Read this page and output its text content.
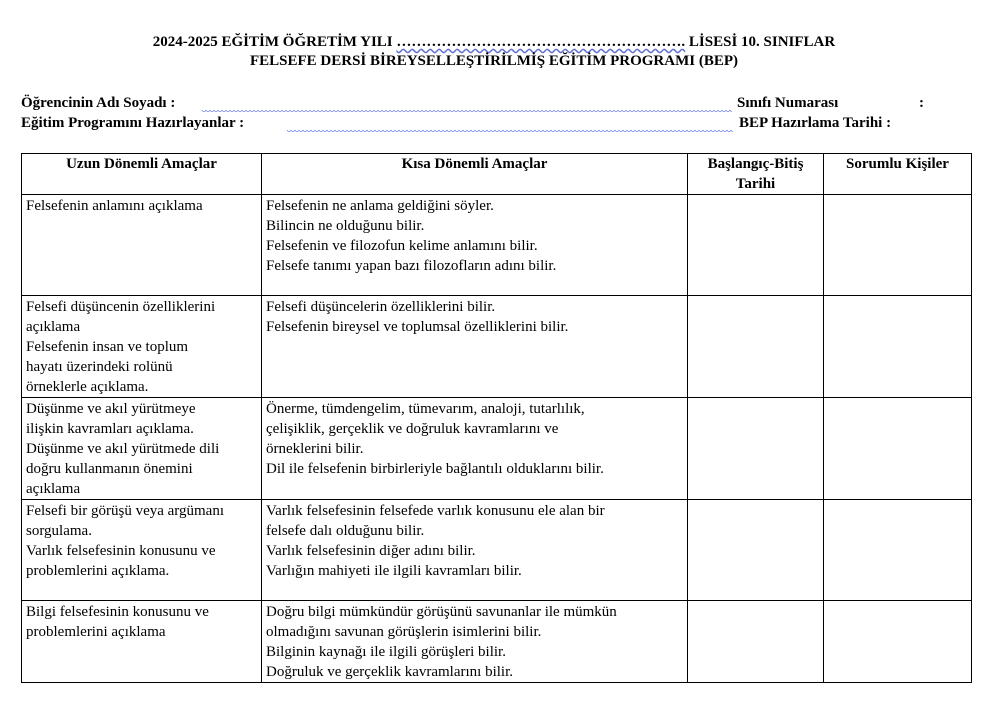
2024-2025 EĞİTİM ÖĞRETİM YILI …………………………………………………. LİSESİ 10. SINIFLAR
FELSEFE DERSİ BİREYSELLEŞTİRİLMİŞ EĞİTİM PROGRAMI (BEP)
Öğrencinin Adı Soyadı :	Sınıfı Numarası	:
Eğitim Programını Hazırlayanlar :	BEP Hazırlama Tarihi :
Uzun Dönemli Amaçlar	Kısa Dönemli Amaçlar	Başlangıç-Bitiş Tarihi	Sorumlu Kişiler

Felsefenin anlamını açıklama	Felsefenin ne anlama geldiğini söyler.
Bilincin ne olduğunu bilir.
Felsefenin ve filozofun kelime anlamını bilir.
Felsefe tanımı yapan bazı filozofların adını bilir.		

Felsefi düşüncenin özelliklerini
açıklama
Felsefenin insan ve toplum
hayatı üzerindeki rolünü
örneklerle açıklama.	Felsefi düşüncelerin özelliklerini bilir.
Felsefenin bireysel ve toplumsal özelliklerini bilir.		

Düşünme ve akıl yürütmeye
ilişkin kavramları açıklama.
Düşünme ve akıl yürütmede dili
doğru kullanmanın önemini
açıklama	Önerme, tümdengelim, tümevarım, analoji, tutarlılık,
çelişiklik, gerçeklik ve doğruluk kavramlarını ve
örneklerini bilir.
Dil ile felsefenin birbirleriyle bağlantılı olduklarını bilir.		

Felsefi bir görüşü veya argümanı
sorgulama.
Varlık felsefesinin konusunu ve
problemlerini açıklama.	Varlık felsefesinin felsefede varlık konusunu ele alan bir
felsefe dalı olduğunu bilir.
Varlık felsefesinin diğer adını bilir.
Varlığın mahiyeti ile ilgili kavramları bilir.		

Bilgi felsefesinin konusunu ve
problemlerini açıklama	Doğru bilgi mümkündür görüşünü savunanlar ile mümkün
olmadığını savunan görüşlerin isimlerini bilir.
Bilginin kaynağı ile ilgili görüşleri bilir.
Doğruluk ve gerçeklik kavramlarını bilir.		
